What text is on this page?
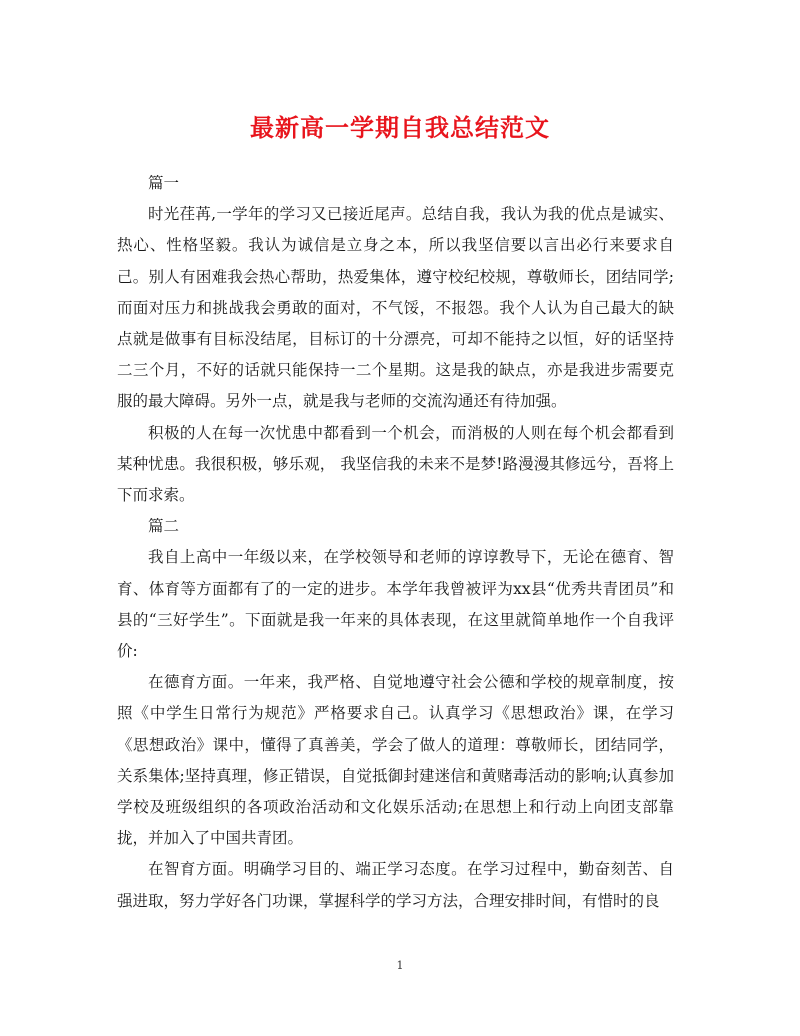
最新高一学期自我总结范文

篇一

时光荏苒,一学年的学习又已接近尾声。总结自我，我认为我的优点是诚实、热心、性格坚毅。我认为诚信是立身之本，所以我坚信要以言出必行来要求自己。别人有困难我会热心帮助，热爱集体，遵守校纪校规，尊敬师长，团结同学;而面对压力和挑战我会勇敢的面对，不气馁，不报怨。我个人认为自己最大的缺点就是做事有目标没结尾，目标订的十分漂亮，可却不能持之以恒，好的话坚持二三个月，不好的话就只能保持一二个星期。这是我的缺点，亦是我进步需要克服的最大障碍。另外一点，就是我与老师的交流沟通还有待加强。

积极的人在每一次忧患中都看到一个机会，而消极的人则在每个机会都看到某种忧患。我很积极，够乐观， 我坚信我的未来不是梦!路漫漫其修远兮，吾将上下而求索。

篇二

我自上高中一年级以来，在学校领导和老师的谆谆教导下，无论在德育、智育、体育等方面都有了的一定的进步。本学年我曾被评为xx县“优秀共青团员”和县的“三好学生”。下面就是我一年来的具体表现，在这里就简单地作一个自我评价:

在德育方面。一年来，我严格、自觉地遵守社会公德和学校的规章制度，按照《中学生日常行为规范》严格要求自己。认真学习《思想政治》课，在学习《思想政治》课中，懂得了真善美，学会了做人的道理：尊敬师长，团结同学，关系集体;坚持真理，修正错误，自觉抵御封建迷信和黄赌毒活动的影响;认真参加学校及班级组织的各项政治活动和文化娱乐活动;在思想上和行动上向团支部靠拢，并加入了中国共青团。

在智育方面。明确学习目的、端正学习态度。在学习过程中，勤奋刻苦、自强进取，努力学好各门功课，掌握科学的学习方法，合理安排时间，有惜时的良

1
